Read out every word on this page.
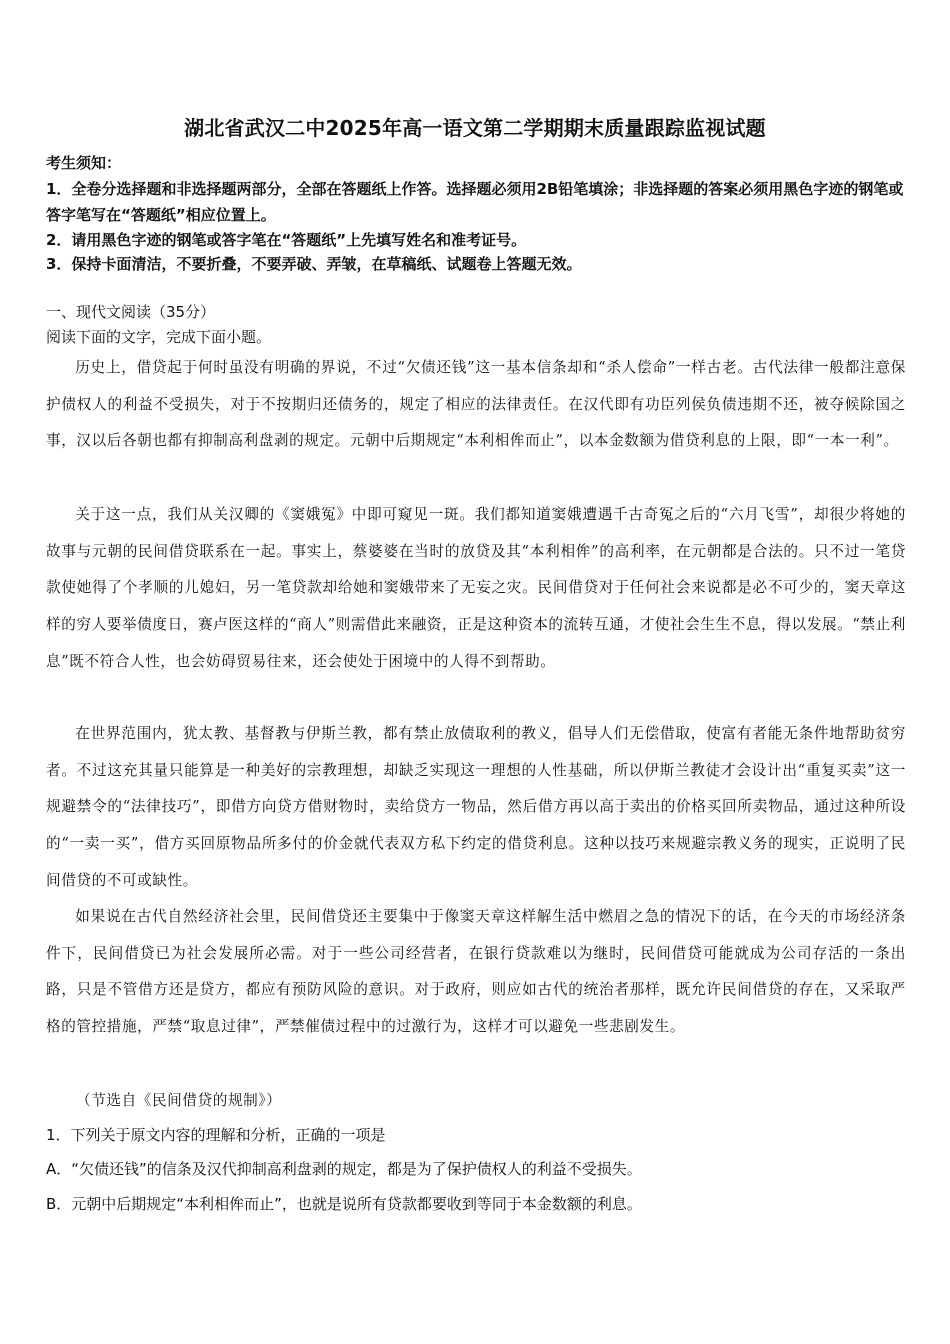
湖北省武汉二中2025年高一语文第二学期期末质量跟踪监视试题
考生须知：
1．全卷分选择题和非选择题两部分，全部在答题纸上作答。选择题必须用2B铅笔填涂；非选择题的答案必须用黑色字迹的钢笔或答字笔写在“答题纸”相应位置上。
2．请用黑色字迹的钢笔或答字笔在“答题纸”上先填写姓名和准考证号。
3．保持卡面清洁，不要折叠，不要弄破、弄皱，在草稿纸、试题卷上答题无效。
一、现代文阅读（35分）
阅读下面的文字，完成下面小题。
历史上，借贷起于何时虽没有明确的界说，不过“欠债还钱”这一基本信条却和“杀人偿命”一样古老。古代法律一般都注意保护债权人的利益不受损失，对于不按期归还债务的，规定了相应的法律责任。在汉代即有功臣列侯负债违期不还，被夺候除国之事，汉以后各朝也都有抑制高利盘剥的规定。元朝中后期规定“本利相侔而止”，以本金数额为借贷利息的上限，即“一本一利”。
关于这一点，我们从关汉卿的《窦娥冤》中即可窥见一斑。我们都知道窦娥遭遇千古奇冤之后的“六月飞雪”，却很少将她的故事与元朝的民间借贷联系在一起。事实上，蔡婆婆在当时的放贷及其“本利相侔”的高利率，在元朝都是合法的。只不过一笔贷款使她得了个孝顺的儿媳妇，另一笔贷款却给她和窦娥带来了无妄之灾。民间借贷对于任何社会来说都是必不可少的，窦天章这样的穷人要举债度日，赛卢医这样的“商人”则需借此来融资，正是这种资本的流转互通，才使社会生生不息，得以发展。“禁止利息”既不符合人性，也会妨碍贸易往来，还会使处于困境中的人得不到帮助。
在世界范围内，犹太教、基督教与伊斯兰教，都有禁止放债取利的教义，倡导人们无偿借取，使富有者能无条件地帮助贫穷者。不过这充其量只能算是一种美好的宗教理想，却缺乏实现这一理想的人性基础，所以伊斯兰教徒才会设计出“重复买卖”这一规避禁令的“法律技巧”，即借方向贷方借财物时，卖给贷方一物品，然后借方再以高于卖出的价格买回所卖物品，通过这种所设的“一卖一买”，借方买回原物品所多付的价金就代表双方私下约定的借贷利息。这种以技巧来规避宗教义务的现实，正说明了民间借贷的不可或缺性。
如果说在古代自然经济社会里，民间借贷还主要集中于像窦天章这样解生活中燃眉之急的情况下的话，在今天的市场经济条件下，民间借贷已为社会发展所必需。对于一些公司经营者，在银行贷款难以为继时，民间借贷可能就成为公司存活的一条出路，只是不管借方还是贷方，都应有预防风险的意识。对于政府，则应如古代的统治者那样，既允许民间借贷的存在，又采取严格的管控措施，严禁“取息过律”，严禁催债过程中的过激行为，这样才可以避免一些悲剧发生。
（节选自《民间借贷的规制》）
1．下列关于原文内容的理解和分析，正确的一项是
A．“欠债还钱”的信条及汉代抑制高利盘剥的规定，都是为了保护债权人的利益不受损失。
B．元朝中后期规定“本利相侔而止”，也就是说所有贷款都要收到等同于本金数额的利息。
